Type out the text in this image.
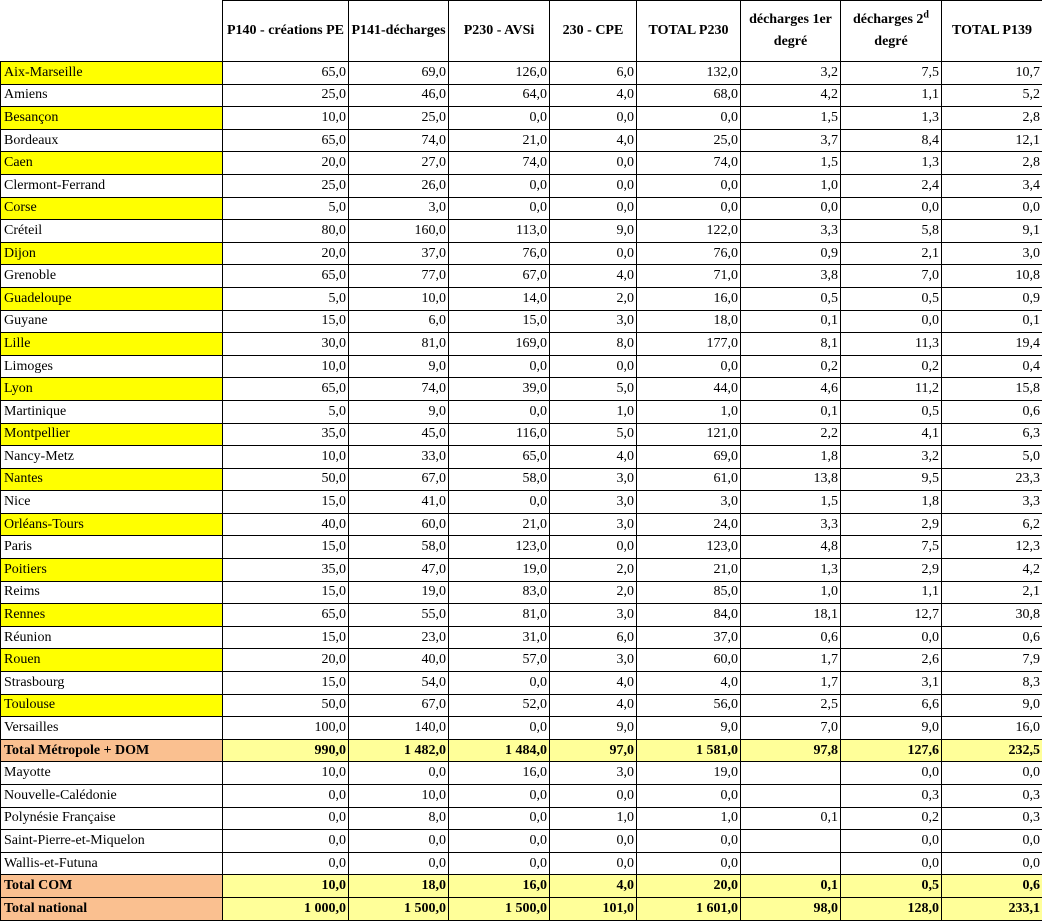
	P140 - créations PE	P141-décharges	P230 - AVSi	230 - CPE	TOTAL P230	décharges 1er degré	décharges 2$^d$ degré	TOTAL P139
Aix-Marseille	65,0	69,0	126,0	6,0	132,0	3,2	7,5	10,7
Amiens	25,0	46,0	64,0	4,0	68,0	4,2	1,1	5,2
Besançon	10,0	25,0	0,0	0,0	0,0	1,5	1,3	2,8
Bordeaux	65,0	74,0	21,0	4,0	25,0	3,7	8,4	12,1
Caen	20,0	27,0	74,0	0,0	74,0	1,5	1,3	2,8
Clermont-Ferrand	25,0	26,0	0,0	0,0	0,0	1,0	2,4	3,4
Corse	5,0	3,0	0,0	0,0	0,0	0,0	0,0	0,0
Créteil	80,0	160,0	113,0	9,0	122,0	3,3	5,8	9,1
Dijon	20,0	37,0	76,0	0,0	76,0	0,9	2,1	3,0
Grenoble	65,0	77,0	67,0	4,0	71,0	3,8	7,0	10,8
Guadeloupe	5,0	10,0	14,0	2,0	16,0	0,5	0,5	0,9
Guyane	15,0	6,0	15,0	3,0	18,0	0,1	0,0	0,1
Lille	30,0	81,0	169,0	8,0	177,0	8,1	11,3	19,4
Limoges	10,0	9,0	0,0	0,0	0,0	0,2	0,2	0,4
Lyon	65,0	74,0	39,0	5,0	44,0	4,6	11,2	15,8
Martinique	5,0	9,0	0,0	1,0	1,0	0,1	0,5	0,6
Montpellier	35,0	45,0	116,0	5,0	121,0	2,2	4,1	6,3
Nancy-Metz	10,0	33,0	65,0	4,0	69,0	1,8	3,2	5,0
Nantes	50,0	67,0	58,0	3,0	61,0	13,8	9,5	23,3
Nice	15,0	41,0	0,0	3,0	3,0	1,5	1,8	3,3
Orléans-Tours	40,0	60,0	21,0	3,0	24,0	3,3	2,9	6,2
Paris	15,0	58,0	123,0	0,0	123,0	4,8	7,5	12,3
Poitiers	35,0	47,0	19,0	2,0	21,0	1,3	2,9	4,2
Reims	15,0	19,0	83,0	2,0	85,0	1,0	1,1	2,1
Rennes	65,0	55,0	81,0	3,0	84,0	18,1	12,7	30,8
Réunion	15,0	23,0	31,0	6,0	37,0	0,6	0,0	0,6
Rouen	20,0	40,0	57,0	3,0	60,0	1,7	2,6	7,9
Strasbourg	15,0	54,0	0,0	4,0	4,0	1,7	3,1	8,3
Toulouse	50,0	67,0	52,0	4,0	56,0	2,5	6,6	9,0
Versailles	100,0	140,0	0,0	9,0	9,0	7,0	9,0	16,0
Total Métropole + DOM	990,0	1 482,0	1 484,0	97,0	1 581,0	97,8	127,6	232,5
Mayotte	10,0	0,0	16,0	3,0	19,0		0,0	0,0
Nouvelle-Calédonie	0,0	10,0	0,0	0,0	0,0		0,3	0,3
Polynésie Française	0,0	8,0	0,0	1,0	1,0	0,1	0,2	0,3
Saint-Pierre-et-Miquelon	0,0	0,0	0,0	0,0	0,0		0,0	0,0
Wallis-et-Futuna	0,0	0,0	0,0	0,0	0,0		0,0	0,0
Total COM	10,0	18,0	16,0	4,0	20,0	0,1	0,5	0,6
Total national	1 000,0	1 500,0	1 500,0	101,0	1 601,0	98,0	128,0	233,1
